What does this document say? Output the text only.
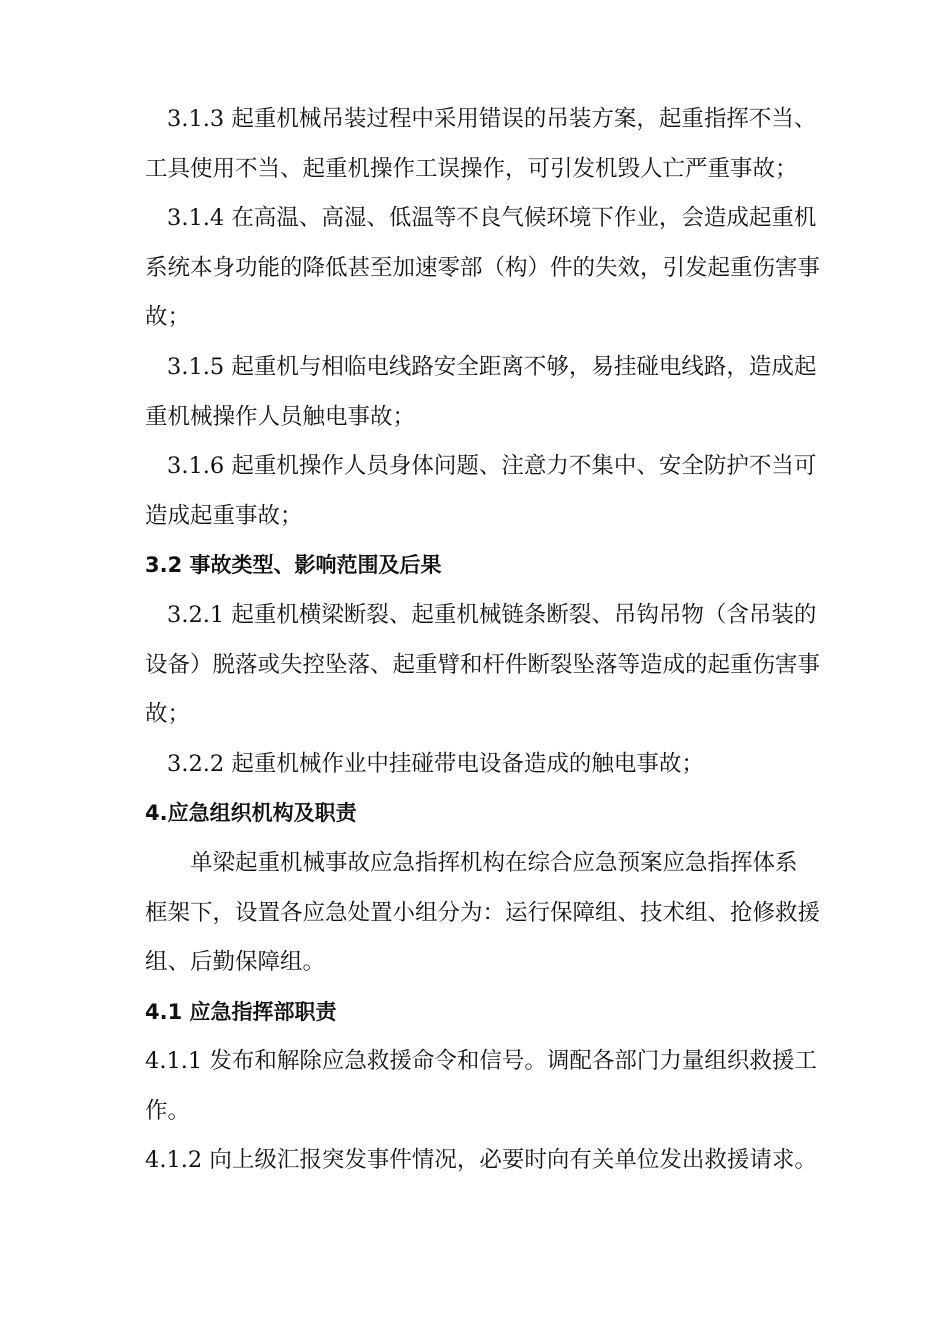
3.1.3 起重机械吊装过程中采用错误的吊装方案，起重指挥不当、
工具使用不当、起重机操作工误操作，可引发机毁人亡严重事故；
3.1.4 在高温、高湿、低温等不良气候环境下作业，会造成起重机
系统本身功能的降低甚至加速零部（构）件的失效，引发起重伤害事
故；
3.1.5 起重机与相临电线路安全距离不够，易挂碰电线路，造成起
重机械操作人员触电事故；
3.1.6 起重机操作人员身体问题、注意力不集中、安全防护不当可
造成起重事故；
3.2 事故类型、影响范围及后果
3.2.1 起重机横梁断裂、起重机械链条断裂、吊钩吊物（含吊装的
设备）脱落或失控坠落、起重臂和杆件断裂坠落等造成的起重伤害事
故；
3.2.2 起重机械作业中挂碰带电设备造成的触电事故；
4.应急组织机构及职责
单梁起重机械事故应急指挥机构在综合应急预案应急指挥体系
框架下，设置各应急处置小组分为：运行保障组、技术组、抢修救援
组、后勤保障组。
4.1 应急指挥部职责
4.1.1 发布和解除应急救援命令和信号。调配各部门力量组织救援工
作。
4.1.2 向上级汇报突发事件情况，必要时向有关单位发出救援请求。
